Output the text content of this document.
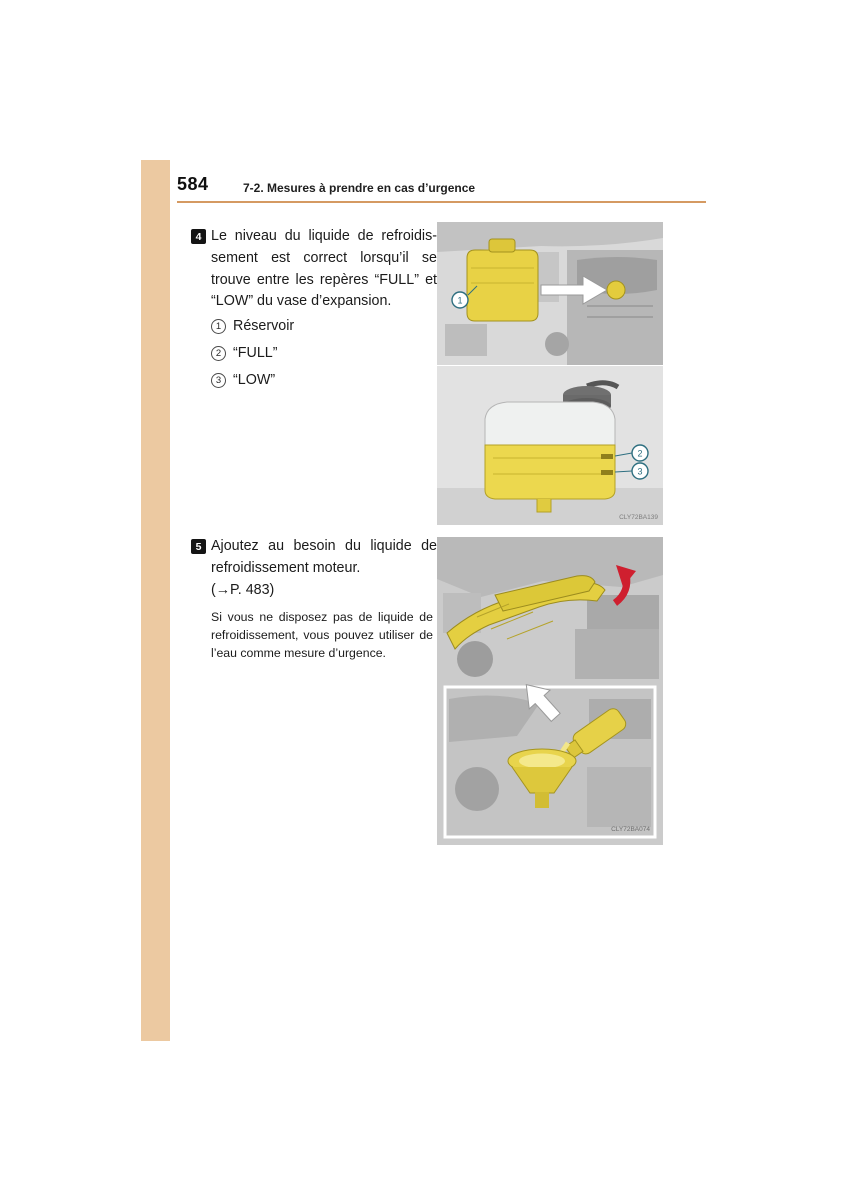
584	7-2. Mesures à prendre en cas d’urgence
4 Le niveau du liquide de refroidissement est correct lorsqu’il se trouve entre les repères “FULL” et “LOW” du vase d’expansion.
1 Réservoir
2 “FULL”
3 “LOW”
1
2
3
CLY72BA139
5 Ajoutez au besoin du liquide de refroidissement moteur.
(→P. 483)
Si vous ne disposez pas de liquide de refroidissement, vous pouvez utiliser de l’eau comme mesure d’urgence.
CLY72BA074
